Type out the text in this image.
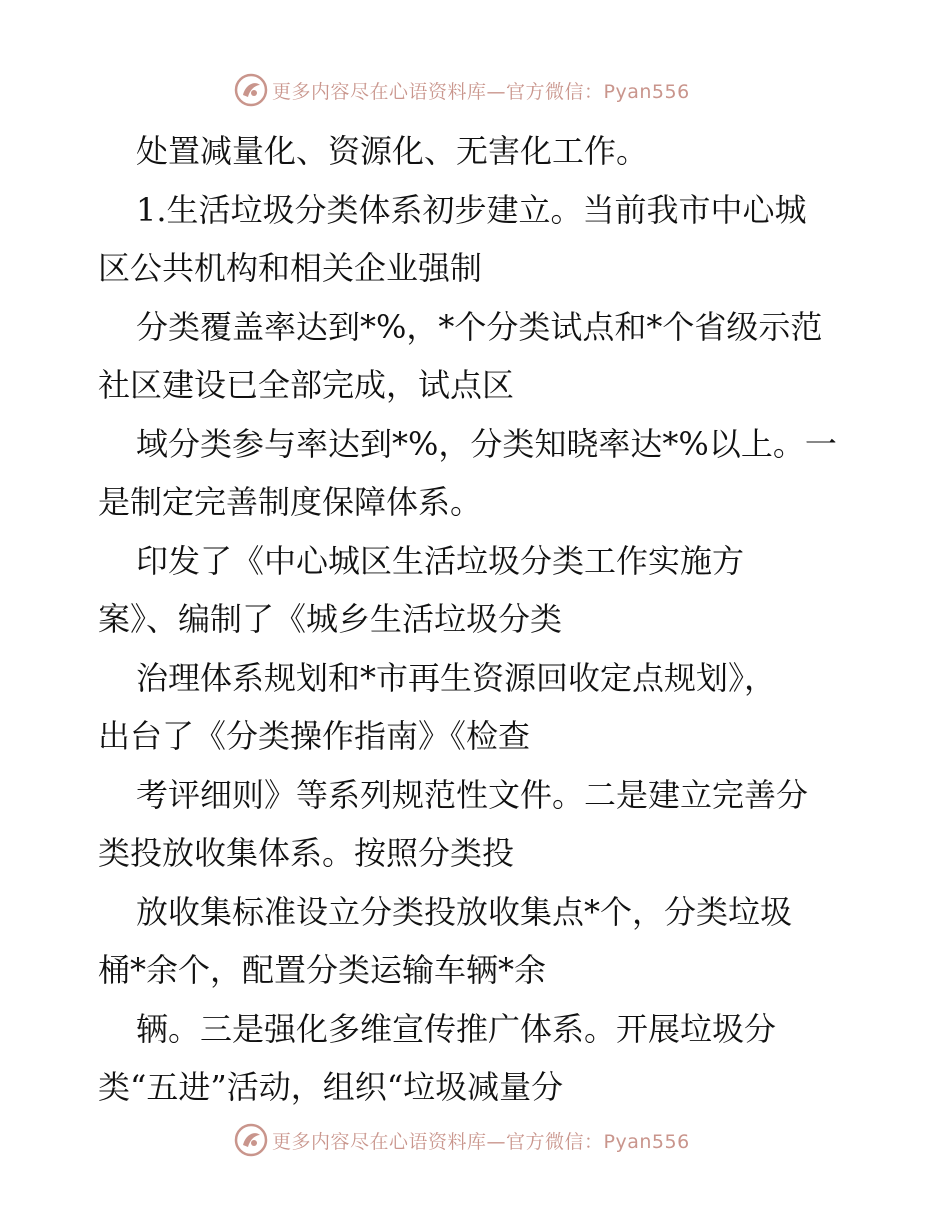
更多内容尽在心语资料库—官方微信：Pyan556
处置减量化、资源化、无害化工作。
1.生活垃圾分类体系初步建立。当前我市中心城
区公共机构和相关企业强制
分类覆盖率达到*%，*个分类试点和*个省级示范
社区建设已全部完成，试点区
域分类参与率达到*%，分类知晓率达*%以上。一
是制定完善制度保障体系。
印发了《中心城区生活垃圾分类工作实施方
案》、编制了《城乡生活垃圾分类
治理体系规划和*市再生资源回收定点规划》，
出台了《分类操作指南》《检查
考评细则》等系列规范性文件。二是建立完善分
类投放收集体系。按照分类投
放收集标准设立分类投放收集点*个，分类垃圾
桶*余个，配置分类运输车辆*余
辆。三是强化多维宣传推广体系。开展垃圾分
类“五进”活动，组织“垃圾减量分
更多内容尽在心语资料库—官方微信：Pyan556
